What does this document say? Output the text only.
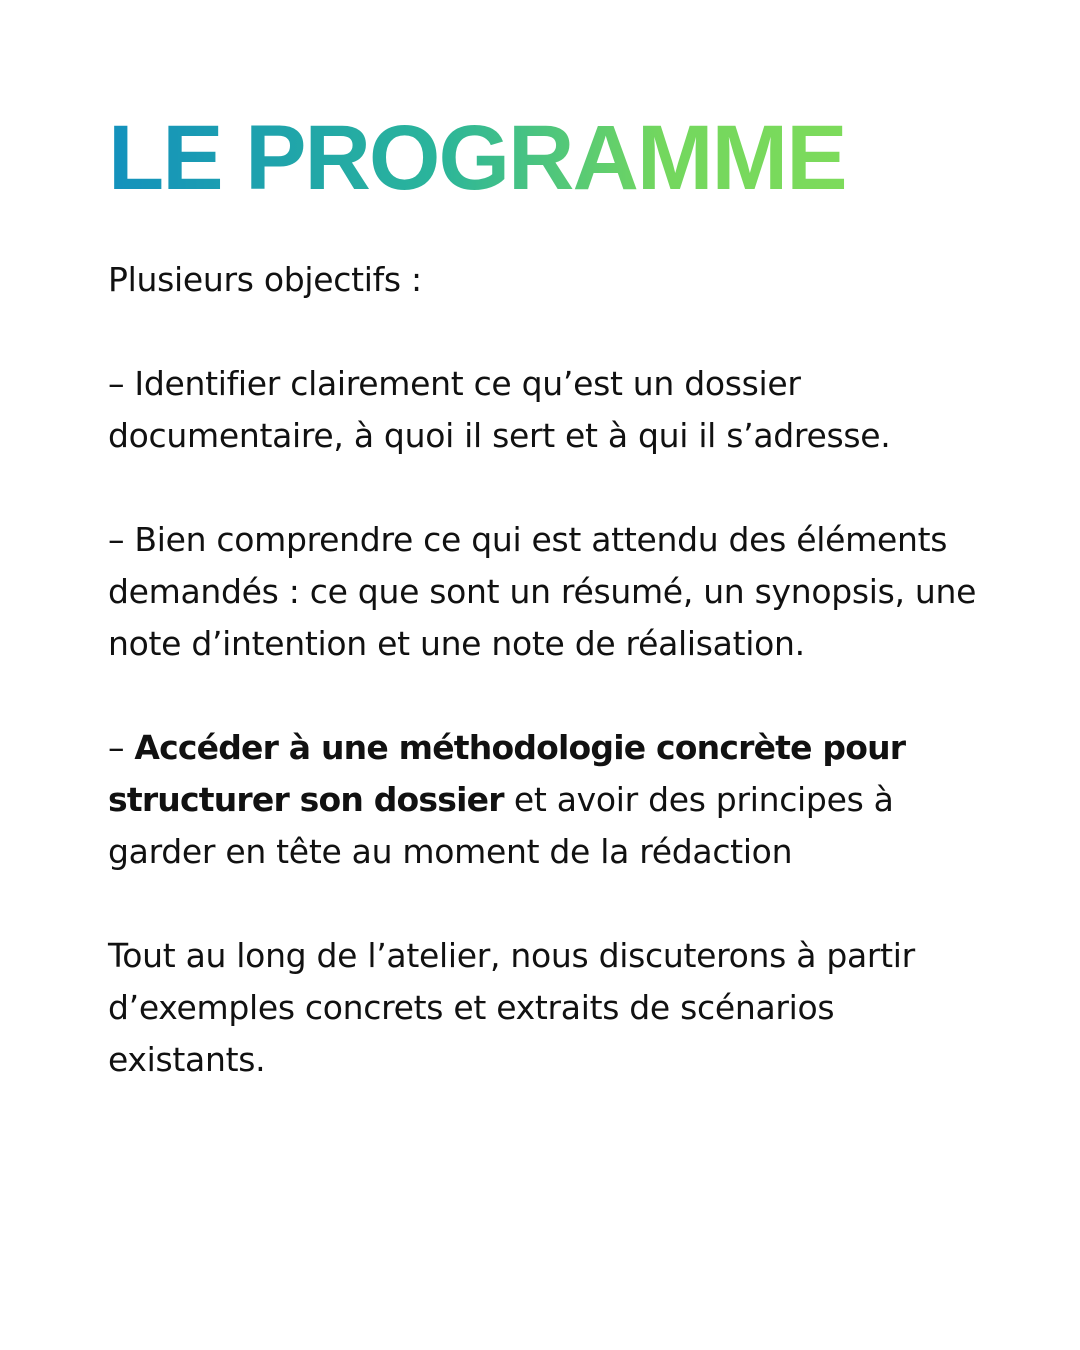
LE PROGRAMME

Plusieurs objectifs :

– Identifier clairement ce qu’est un dossier documentaire, à quoi il sert et à qui il s’adresse.

– Bien comprendre ce qui est attendu des éléments demandés : ce que sont un résumé, un synopsis, une note d’intention et une note de réalisation.

– Accéder à une méthodologie concrète pour structurer son dossier et avoir des principes à garder en tête au moment de la rédaction

Tout au long de l’atelier, nous discuterons à partir d’exemples concrets et extraits de scénarios existants.
